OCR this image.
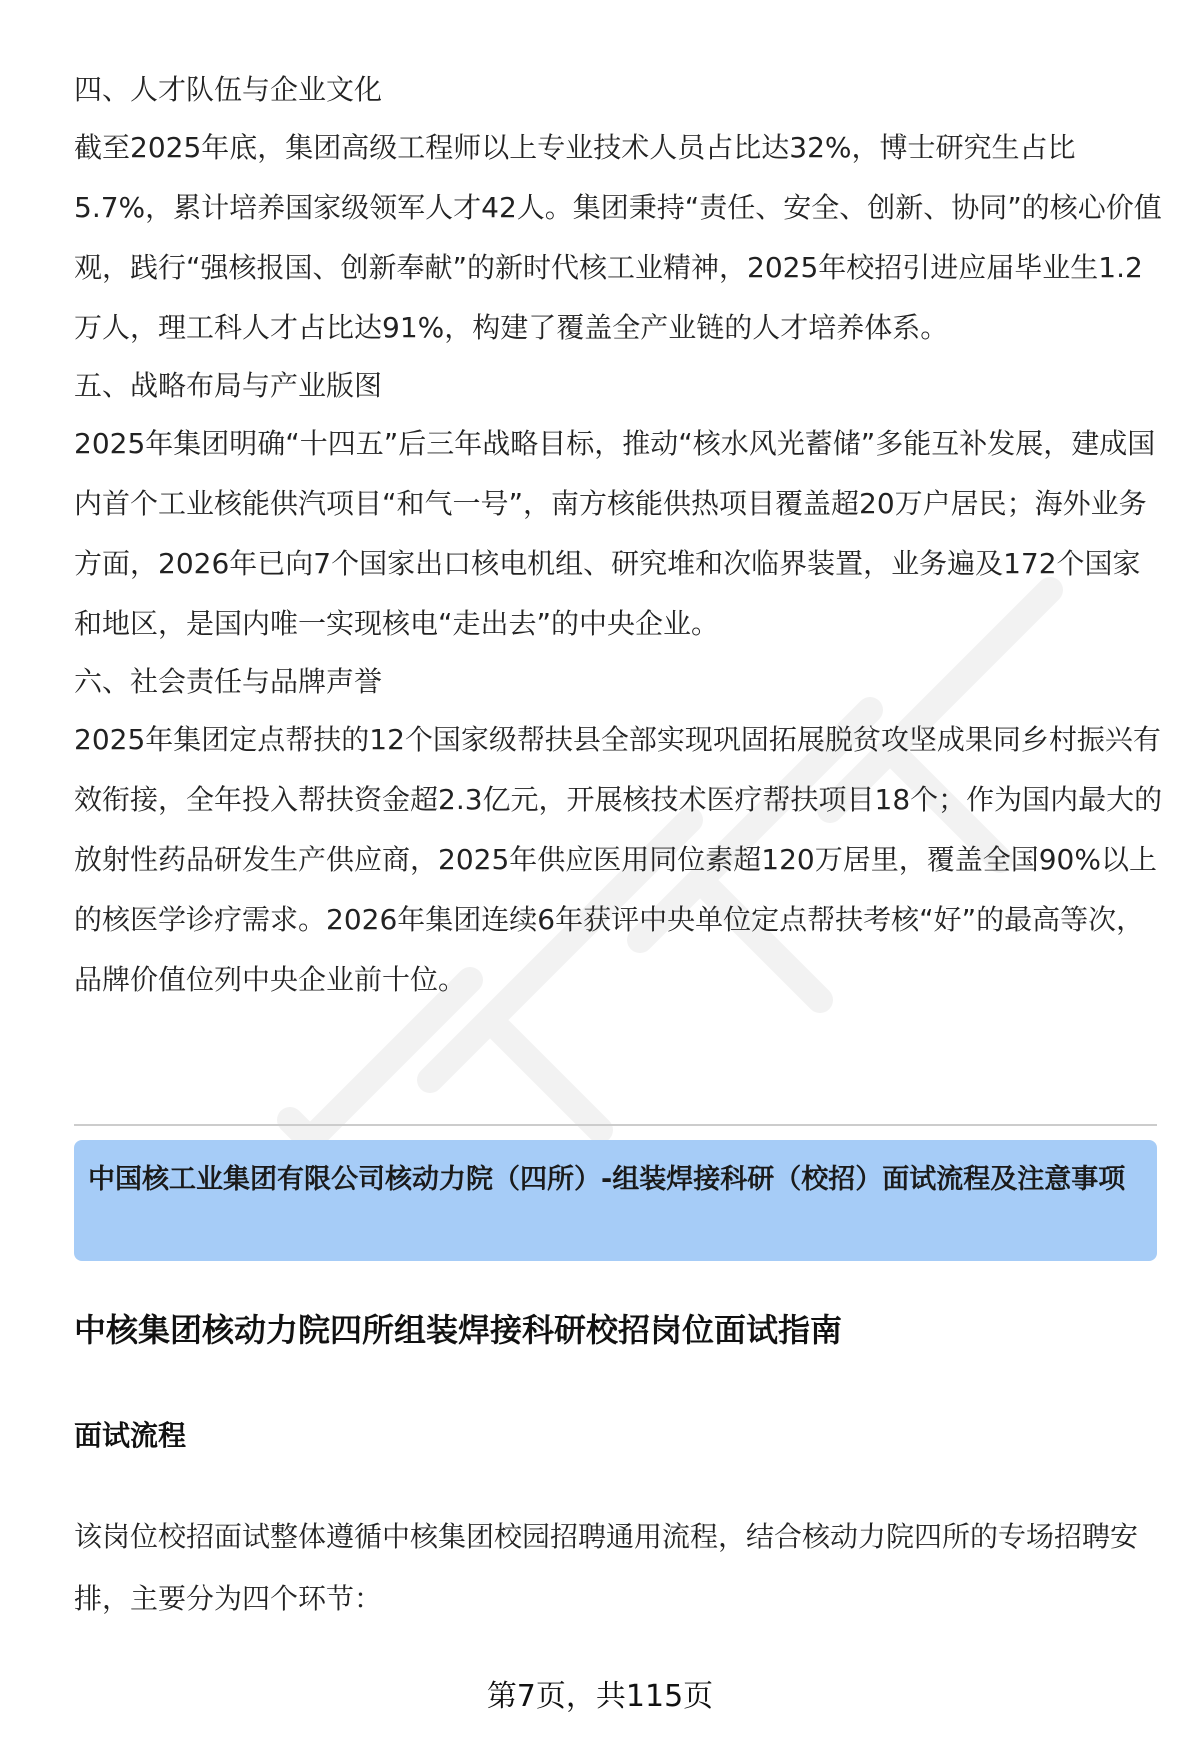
四、人才队伍与企业文化

截至2025年底，集团高级工程师以上专业技术人员占比达32%，博士研究生占比5.7%，累计培养国家级领军人才42人。集团秉持“责任、安全、创新、协同”的核心价值观，践行“强核报国、创新奉献”的新时代核工业精神，2025年校招引进应届毕业生1.2万人，理工科人才占比达91%，构建了覆盖全产业链的人才培养体系。

五、战略布局与产业版图

2025年集团明确“十四五”后三年战略目标，推动“核水风光蓄储”多能互补发展，建成国内首个工业核能供汽项目“和气一号”，南方核能供热项目覆盖超20万户居民；海外业务方面，2026年已向7个国家出口核电机组、研究堆和次临界装置，业务遍及172个国家和地区，是国内唯一实现核电“走出去”的中央企业。

六、社会责任与品牌声誉

2025年集团定点帮扶的12个国家级帮扶县全部实现巩固拓展脱贫攻坚成果同乡村振兴有效衔接，全年投入帮扶资金超2.3亿元，开展核技术医疗帮扶项目18个；作为国内最大的放射性药品研发生产供应商，2025年供应医用同位素超120万居里，覆盖全国90%以上的核医学诊疗需求。2026年集团连续6年获评中央单位定点帮扶考核“好”的最高等次，品牌价值位列中央企业前十位。

中国核工业集团有限公司核动力院（四所）-组装焊接科研（校招）面试流程及注意事项

中核集团核动力院四所组装焊接科研校招岗位面试指南
面试流程

该岗位校招面试整体遵循中核集团校园招聘通用流程，结合核动力院四所的专场招聘安排，主要分为四个环节：

第7页，共115页
